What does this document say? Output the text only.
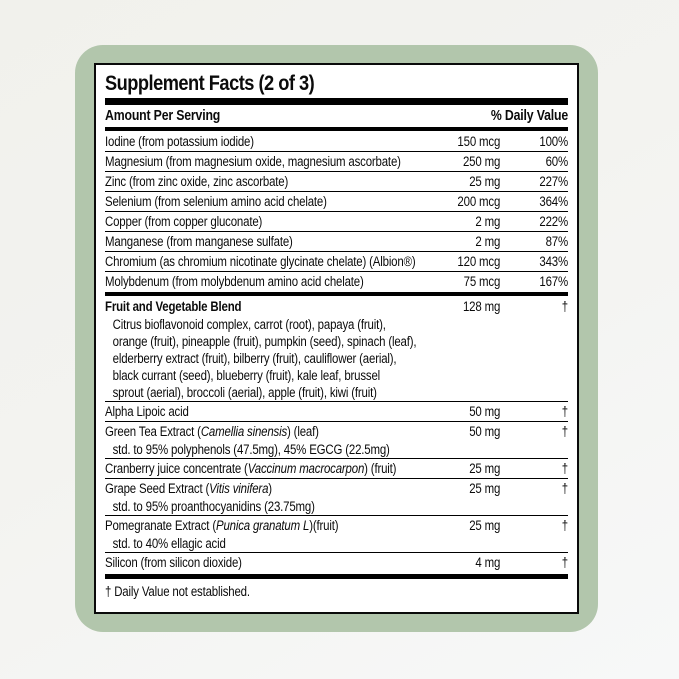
Supplement Facts (2 of 3)
Amount Per Serving	% Daily Value
Iodine (from potassium iodide)	150 mcg	100%
Magnesium (from magnesium oxide, magnesium ascorbate)	250 mg	60%
Zinc (from zinc oxide, zinc ascorbate)	25 mg	227%
Selenium (from selenium amino acid chelate)	200 mcg	364%
Copper (from copper gluconate)	2 mg	222%
Manganese (from manganese sulfate)	2 mg	87%
Chromium (as chromium nicotinate glycinate chelate) (Albion®)	120 mcg	343%
Molybdenum (from molybdenum amino acid chelate)	75 mcg	167%
Fruit and Vegetable Blend	128 mg	†
Citrus bioflavonoid complex, carrot (root), papaya (fruit),
orange (fruit), pineapple (fruit), pumpkin (seed), spinach (leaf),
elderberry extract (fruit), bilberry (fruit), cauliflower (aerial),
black currant (seed), blueberry (fruit), kale leaf, brussel
sprout (aerial), broccoli (aerial), apple (fruit), kiwi (fruit)
Alpha Lipoic acid	50 mg	†
Green Tea Extract (Camellia sinensis) (leaf)	50 mg	†
std. to 95% polyphenols (47.5mg), 45% EGCG (22.5mg)
Cranberry juice concentrate (Vaccinum macrocarpon) (fruit)	25 mg	†
Grape Seed Extract (Vitis vinifera)	25 mg	†
std. to 95% proanthocyanidins (23.75mg)
Pomegranate Extract (Punica granatum L)(fruit)	25 mg	†
std. to 40% ellagic acid
Silicon (from silicon dioxide)	4 mg	†
† Daily Value not established.
